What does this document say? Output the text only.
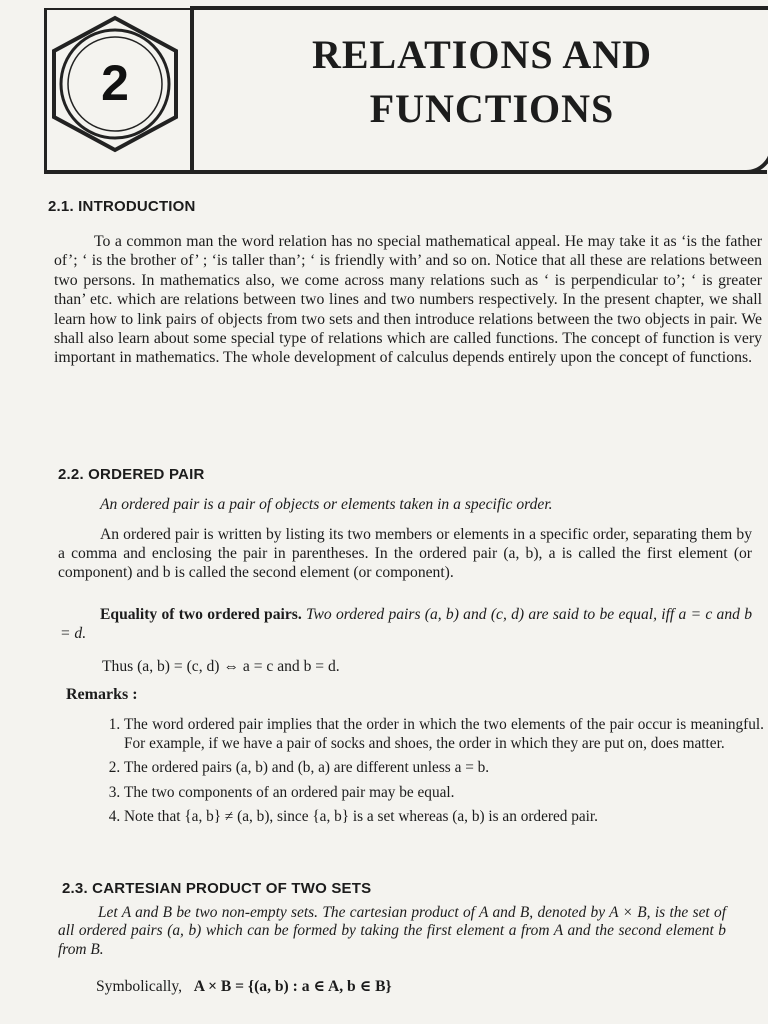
2
RELATIONS AND
FUNCTIONS
2.1. INTRODUCTION
To a common man the word relation has no special mathematical appeal. He may take it as ‘is the father of’; ‘ is the brother of’ ; ‘is taller than’; ‘ is friendly with’ and so on. Notice that all these are relations between two persons. In mathematics also, we come across many relations such as ‘ is perpendicular to’; ‘ is greater than’ etc. which are relations between two lines and two numbers respectively. In the present chapter, we shall learn how to link pairs of objects from two sets and then introduce relations between the two objects in pair. We shall also learn about some special type of relations which are called functions. The concept of function is very important in mathematics. The whole development of calculus depends entirely upon the concept of functions.
2.2. ORDERED PAIR
An ordered pair is a pair of objects or elements taken in a specific order.
An ordered pair is written by listing its two members or elements in a specific order, separating them by a comma and enclosing the pair in parentheses. In the ordered pair (a, b), a is called the first element (or component) and b is called the second element (or component).
Equality of two ordered pairs. Two ordered pairs (a, b) and (c, d) are said to be equal, iff a = c and b = d.
Thus (a, b) = (c, d) ⇔ a = c and b = d.
Remarks :
1. The word ordered pair implies that the order in which the two elements of the pair occur is meaningful. For example, if we have a pair of socks and shoes, the order in which they are put on, does matter.
2. The ordered pairs (a, b) and (b, a) are different unless a = b.
3. The two components of an ordered pair may be equal.
4. Note that {a, b} ≠ (a, b), since {a, b} is a set whereas (a, b) is an ordered pair.
2.3. CARTESIAN PRODUCT OF TWO SETS
Let A and B be two non-empty sets. The cartesian product of A and B, denoted by A × B, is the set of all ordered pairs (a, b) which can be formed by taking the first element a from A and the second element b from B.
Symbolically, A × B = {(a, b) : a ∈ A, b ∈ B}
